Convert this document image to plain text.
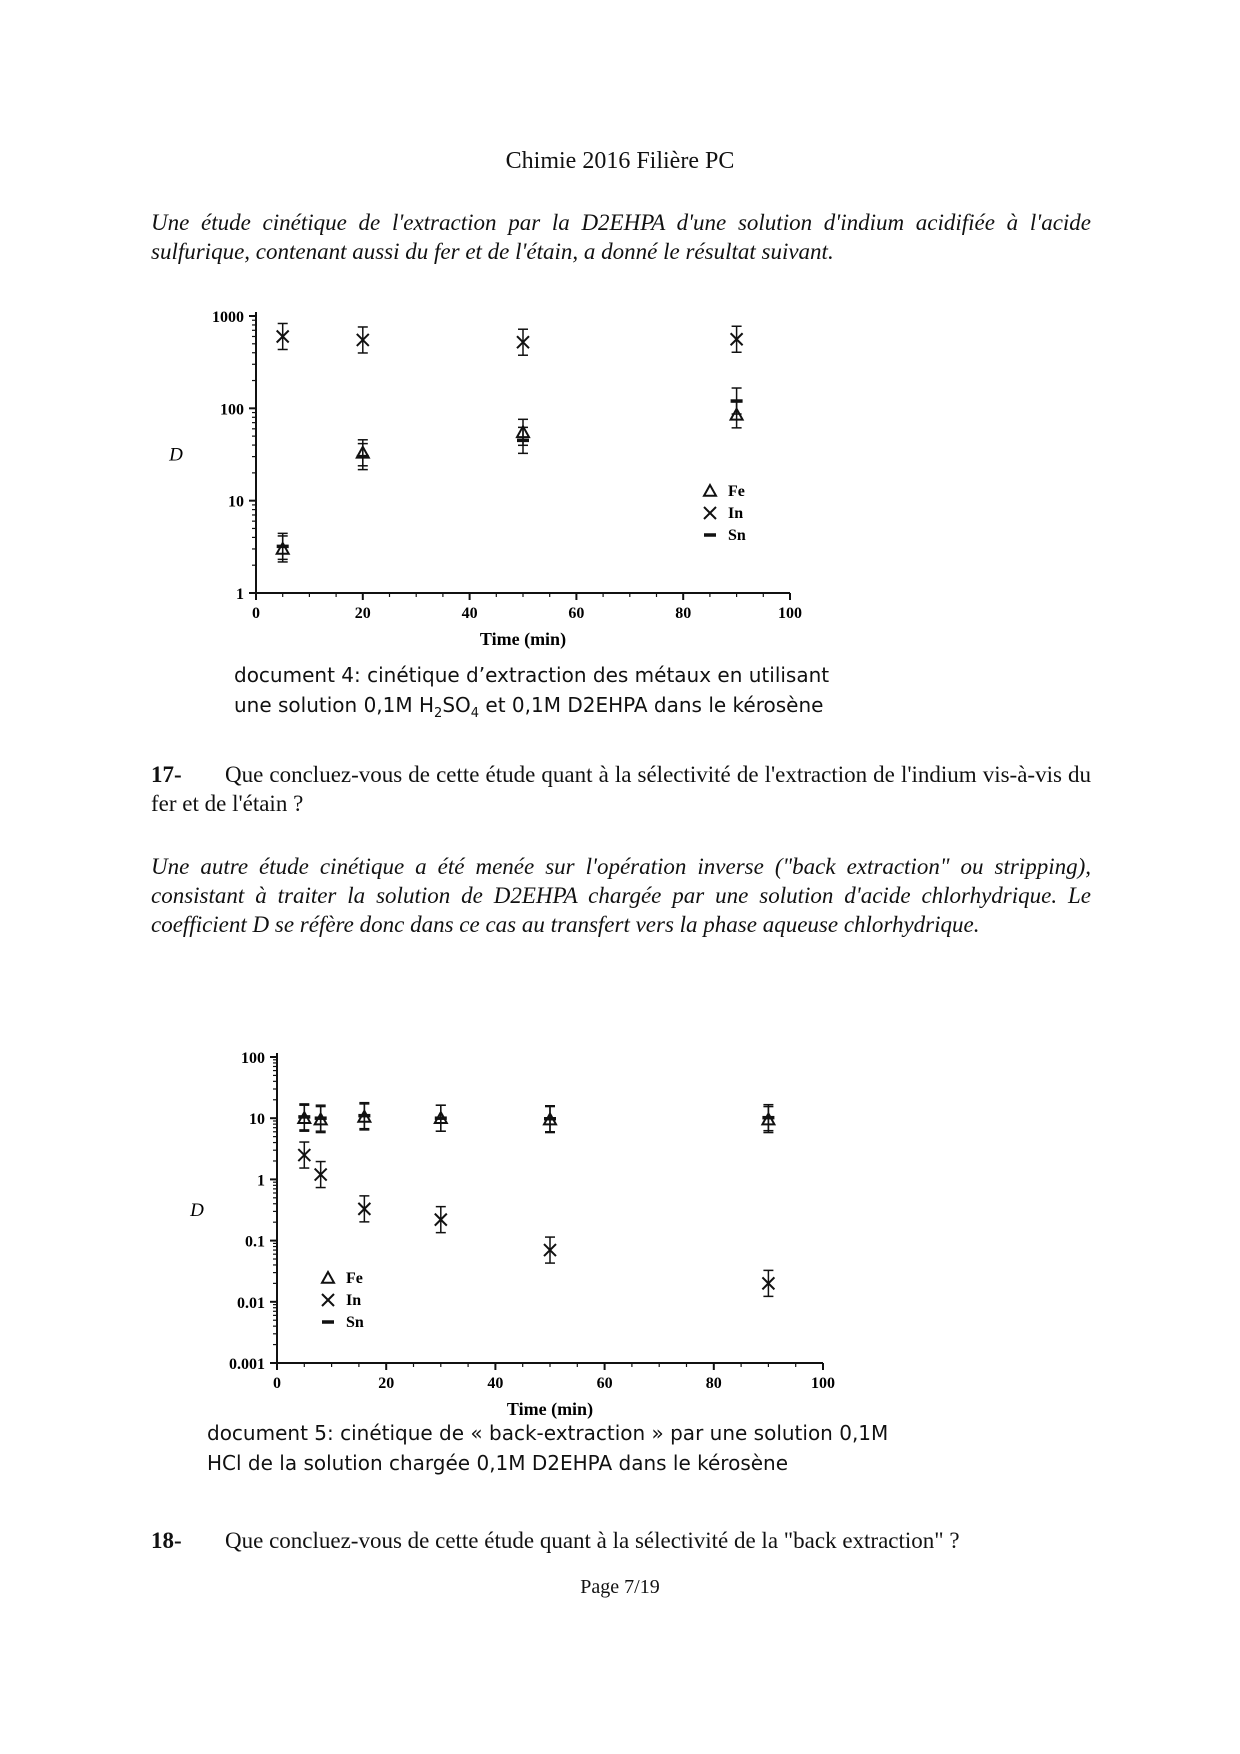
Chimie 2016 Filière PC
Une étude cinétique de l'extraction par la D2EHPA d'une solution d'indium acidifiée à l'acide sulfurique, contenant aussi du fer et de l'étain, a donné le résultat suivant.
0	20	40	60	80	100
1
10
100
1000
Time (min)
D
Fe
In
Sn
document 4: cinétique d’extraction des métaux en utilisant
une solution 0,1M $H_2SO_4$ et 0,1M D2EHPA dans le kérosène
17- Que concluez-vous de cette étude quant à la sélectivité de l'extraction de l'indium vis-à-vis du fer et de l'étain ?
Une autre étude cinétique a été menée sur l'opération inverse ("back extraction" ou stripping), consistant à traiter la solution de D2EHPA chargée par une solution d'acide chlorhydrique. Le coefficient D se réfère donc dans ce cas au transfert vers la phase aqueuse chlorhydrique.
0	20	40	60	80	100
0.001
0.01
0.1
1
10
100
Time (min)
D
Fe
In
Sn
document 5: cinétique de « back-extraction » par une solution 0,1M
HCl de la solution chargée 0,1M D2EHPA dans le kérosène
18- Que concluez-vous de cette étude quant à la sélectivité de la "back extraction" ?
Page 7/19
